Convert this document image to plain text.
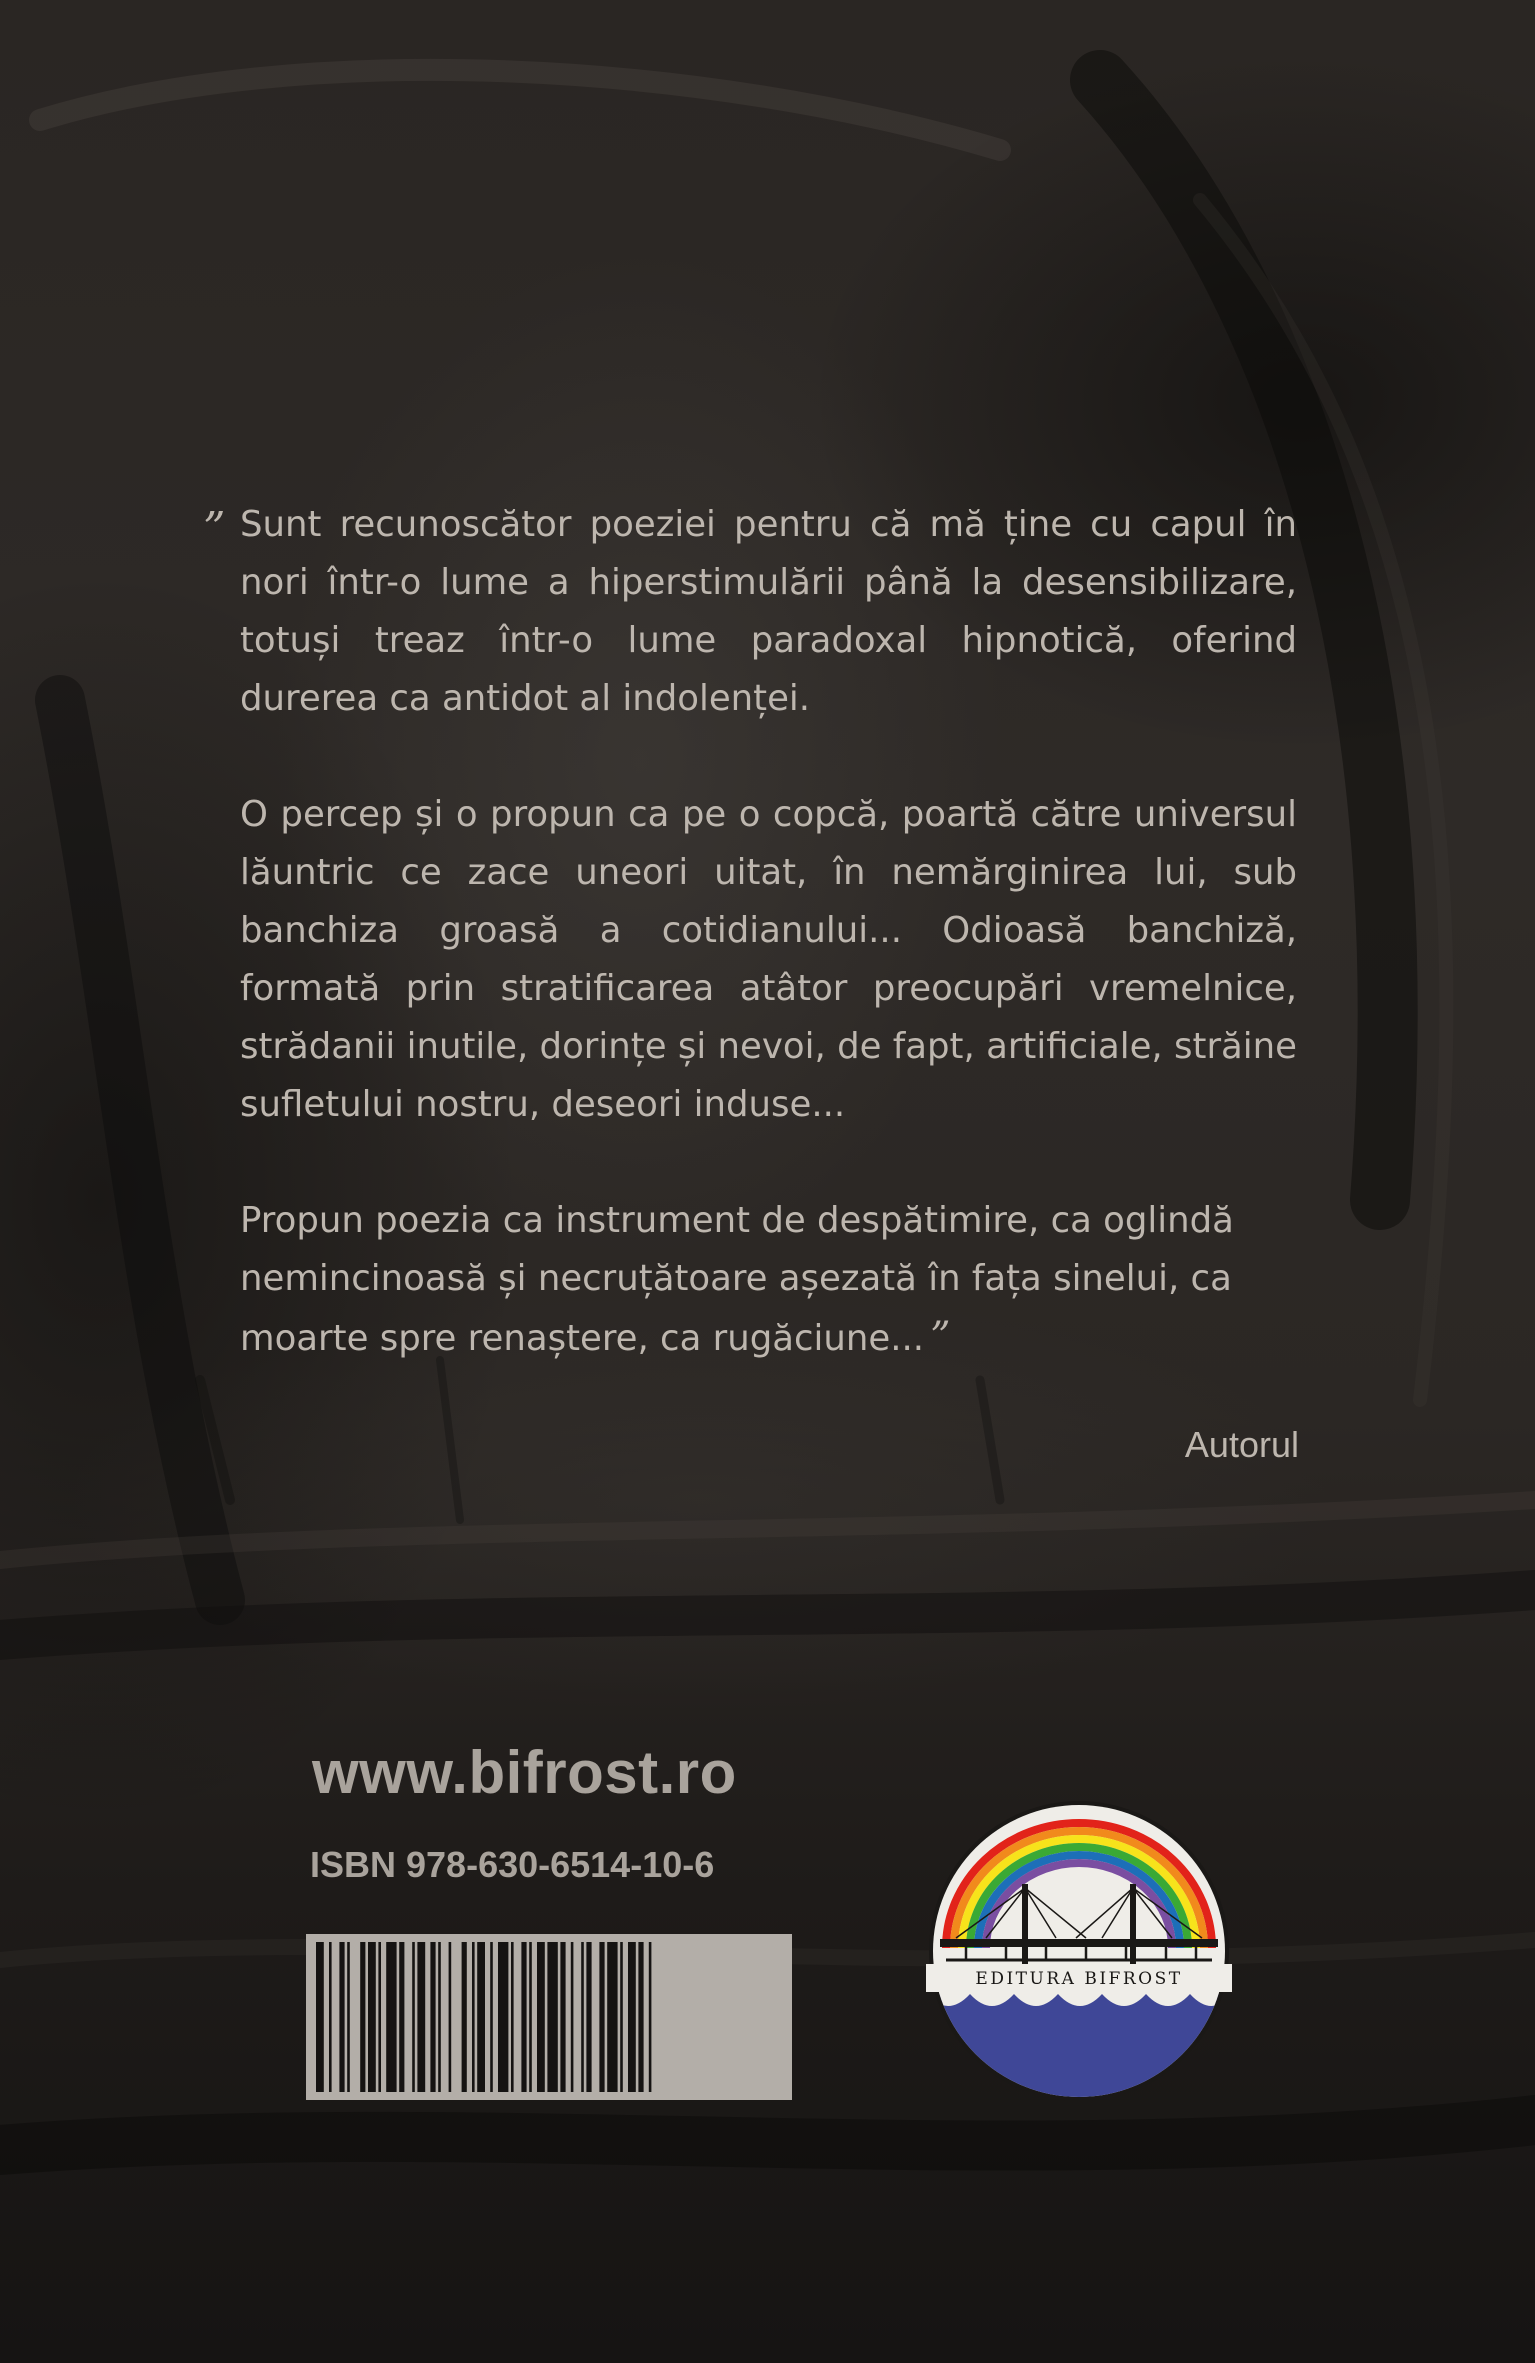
” Sunt recunoscător poeziei pentru că mă ține cu capul în nori într-o lume a hiperstimulării până la desensibilizare, totuși treaz într-o lume paradoxal hipnotică, oferind durerea ca antidot al indolenței.

O percep și o propun ca pe o copcă, poartă către universul lăuntric ce zace uneori uitat, în nemărginirea lui, sub banchiza groasă a cotidianului... Odioasă banchiză, formată prin stratificarea atâtor preocupări vremelnice, strădanii inutile, dorințe și nevoi, de fapt, artificiale, străine sufletului nostru, deseori induse...

Propun poezia ca instrument de despătimire, ca oglindă nemincinoasă și necruțătoare așezată în fața sinelui, ca moarte spre renaștere, ca rugăciune... ”

Autorul
www.bifrost.ro
ISBN 978-630-6514-10-6
EDITURA BIFROST
